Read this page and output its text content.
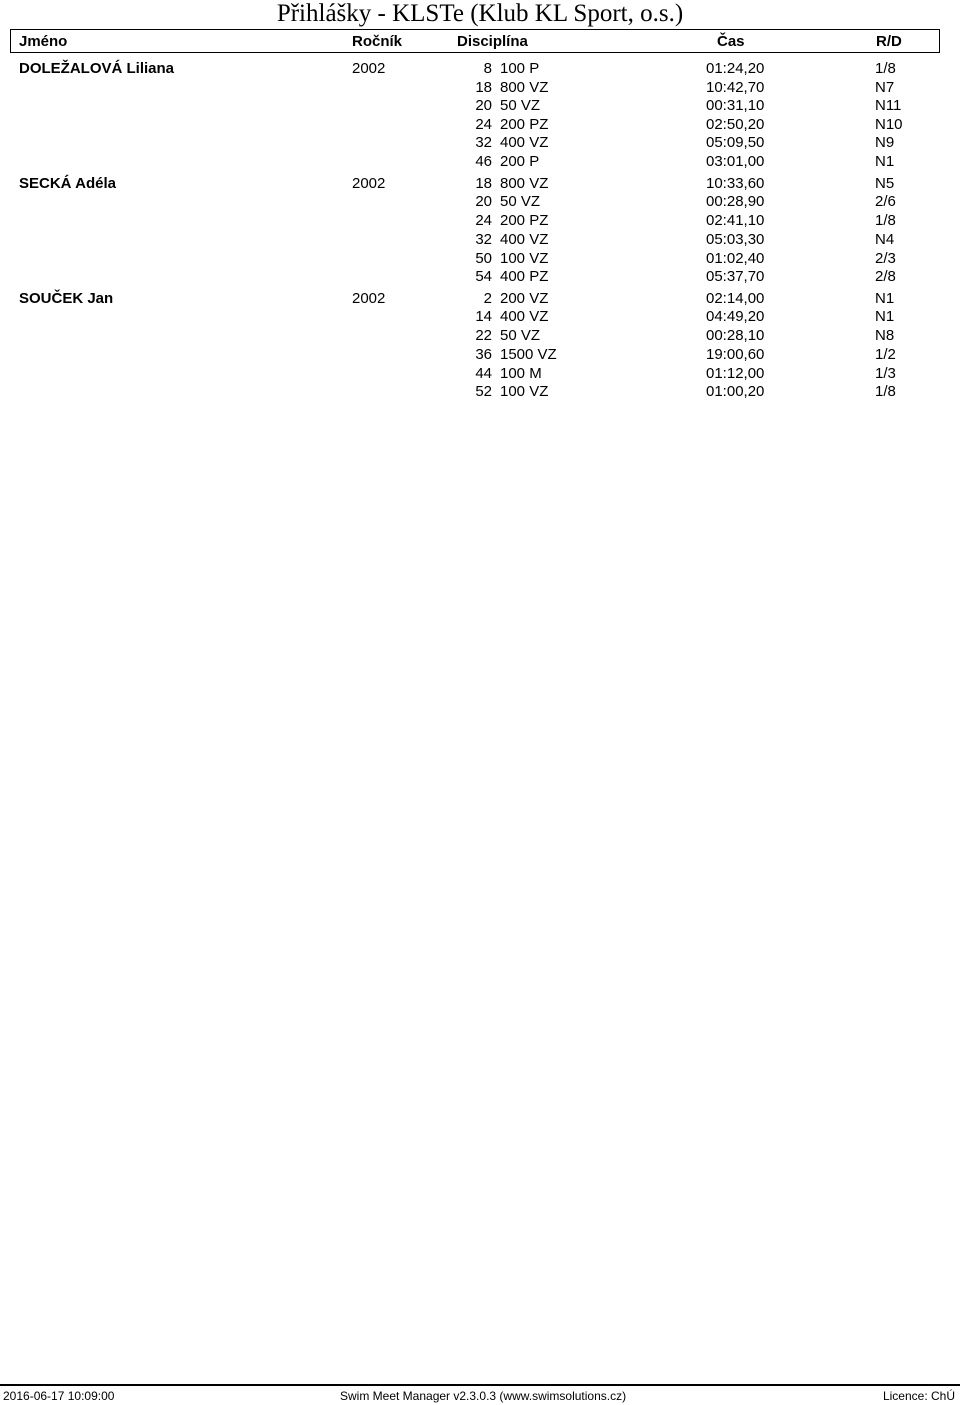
Přihlášky - KLSTe (Klub KL Sport, o.s.)
Jméno	Ročník	Disciplína	Čas	R/D
DOLEŽALOVÁ Liliana	2002	8 100 P	01:24,20	1/8
18 800 VZ	10:42,70	N7
20 50 VZ	00:31,10	N11
24 200 PZ	02:50,20	N10
32 400 VZ	05:09,50	N9
46 200 P	03:01,00	N1
SECKÁ Adéla	2002	18 800 VZ	10:33,60	N5
20 50 VZ	00:28,90	2/6
24 200 PZ	02:41,10	1/8
32 400 VZ	05:03,30	N4
50 100 VZ	01:02,40	2/3
54 400 PZ	05:37,70	2/8
SOUČEK Jan	2002	2 200 VZ	02:14,00	N1
14 400 VZ	04:49,20	N1
22 50 VZ	00:28,10	N8
36 1500 VZ	19:00,60	1/2
44 100 M	01:12,00	1/3
52 100 VZ	01:00,20	1/8
2016-06-17 10:09:00	Swim Meet Manager v2.3.0.3 (www.swimsolutions.cz)	Licence: ChÚ
